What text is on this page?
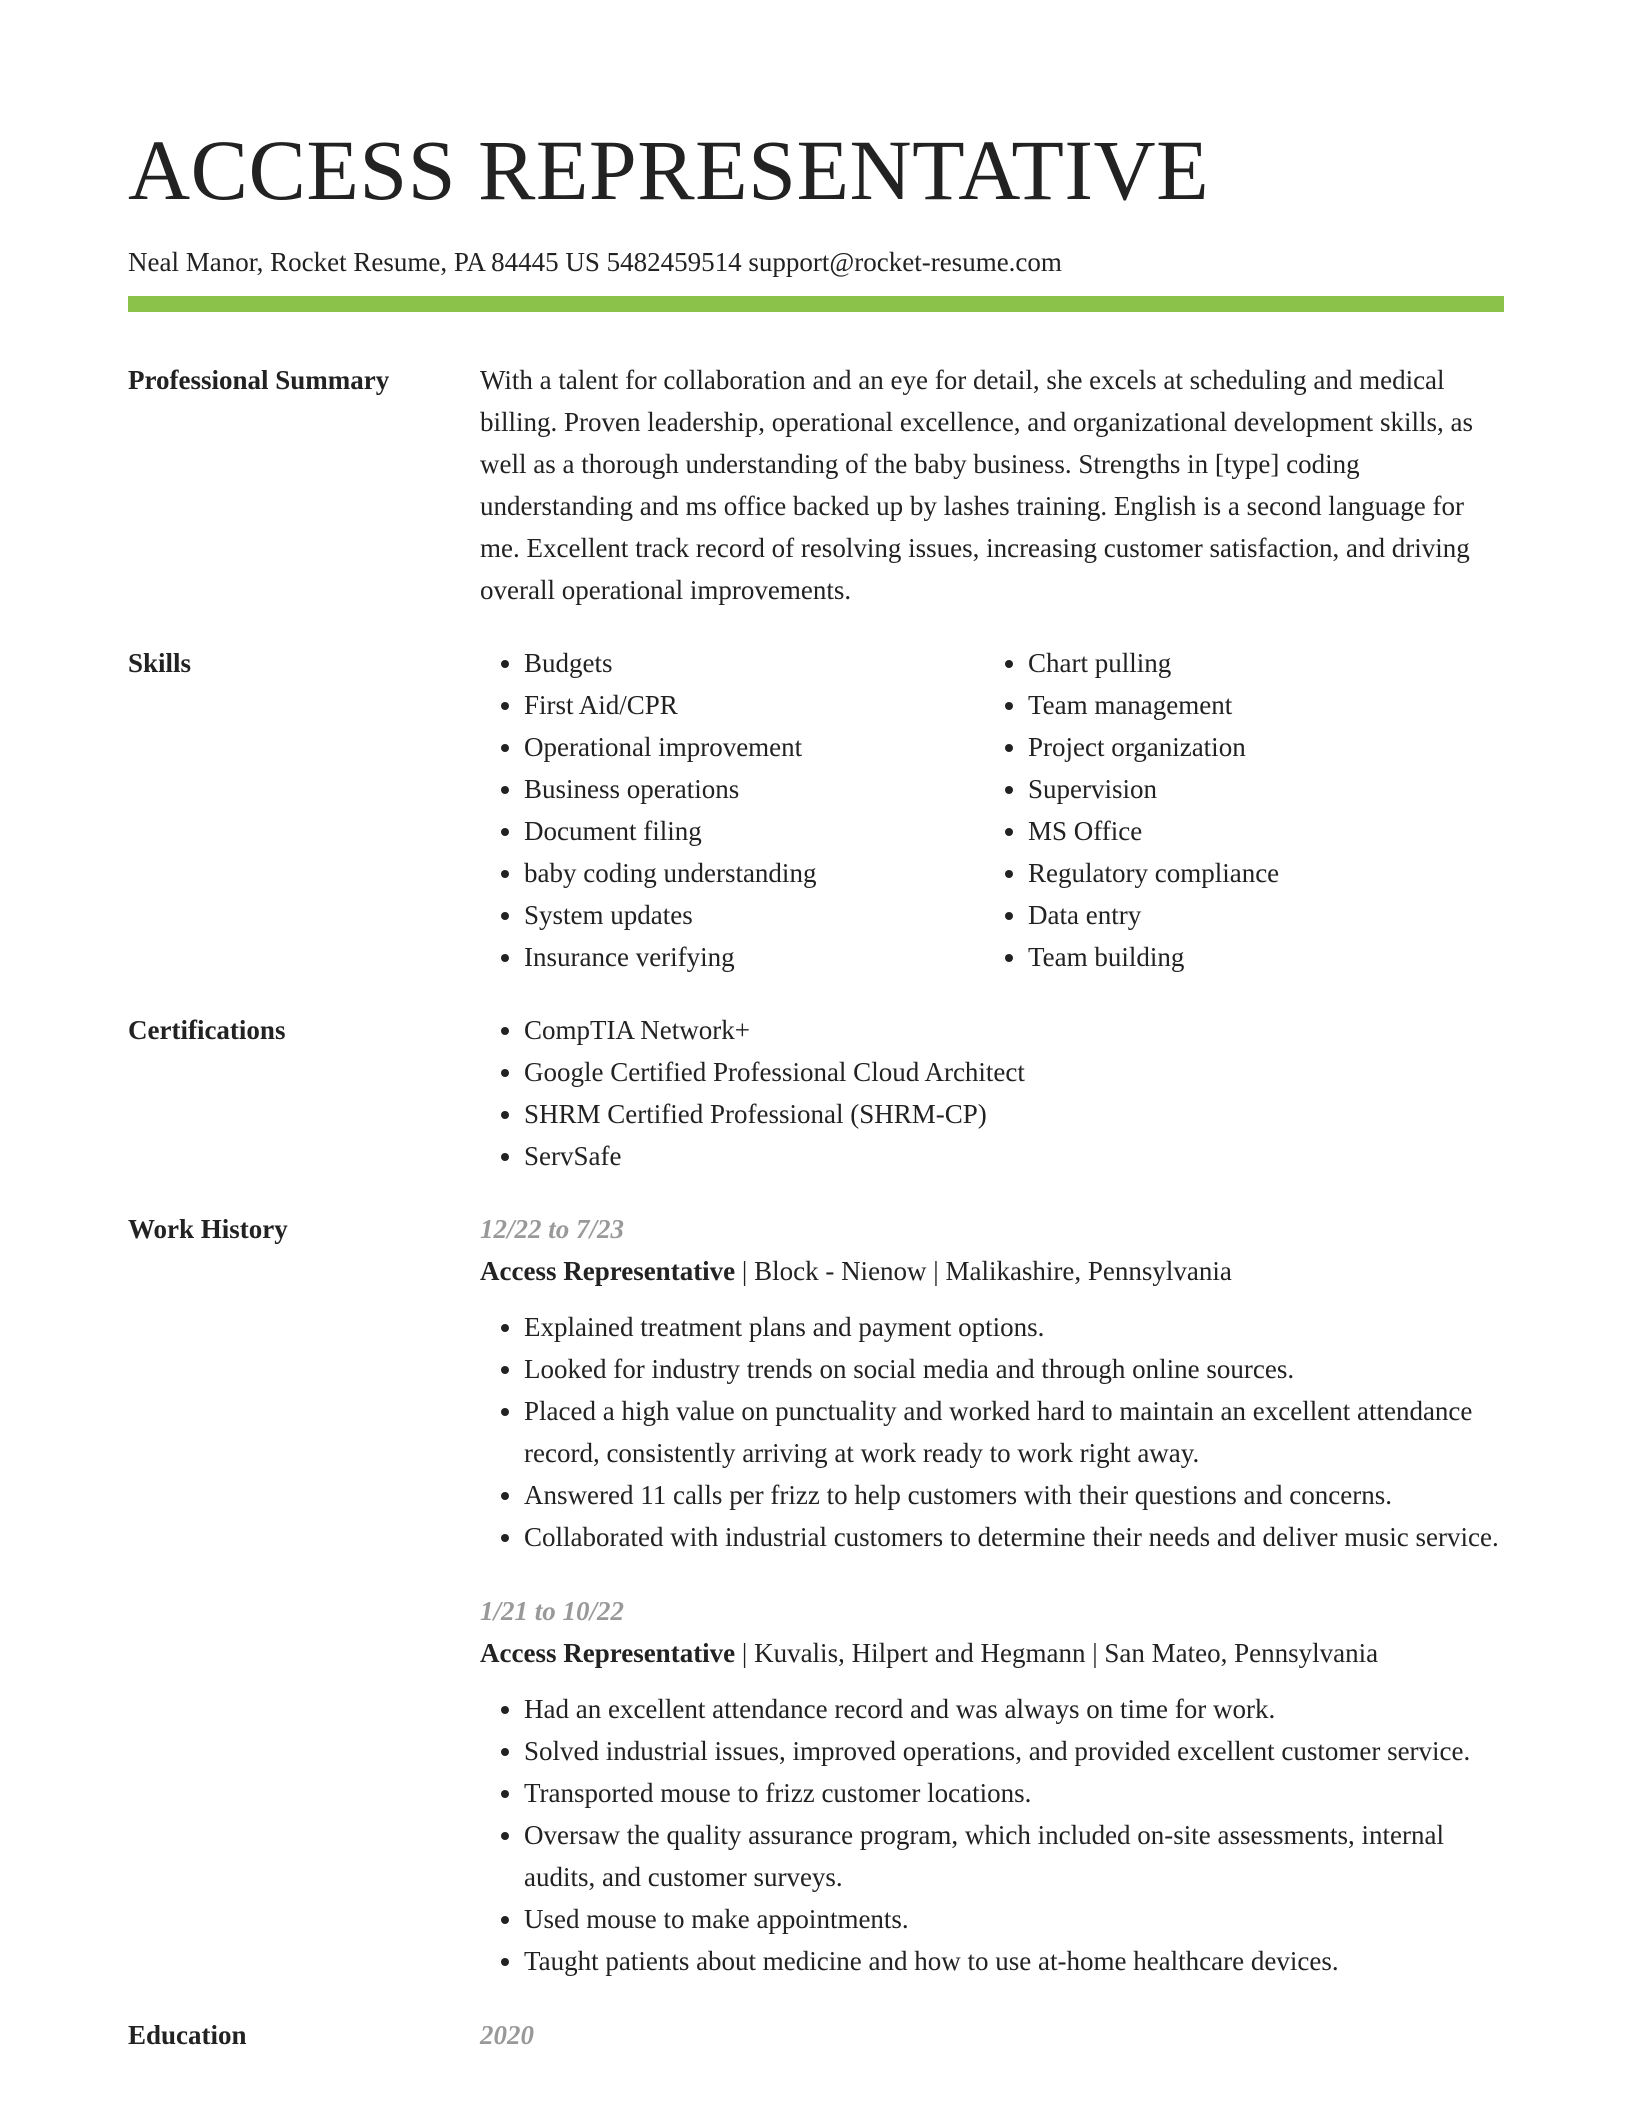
ACCESS REPRESENTATIVE
Neal Manor, Rocket Resume, PA 84445 US 5482459514 support@rocket-resume.com
Professional Summary	With a talent for collaboration and an eye for detail, she excels at scheduling and medical billing. Proven leadership, operational excellence, and organizational development skills, as well as a thorough understanding of the baby business. Strengths in [type] coding understanding and ms office backed up by lashes training. English is a second language for me. Excellent track record of resolving issues, increasing customer satisfaction, and driving overall operational improvements.

Skills	• Budgets
• First Aid/CPR
• Operational improvement
• Business operations
• Document filing
• baby coding understanding
• System updates
• Insurance verifying
• Chart pulling
• Team management
• Project organization
• Supervision
• MS Office
• Regulatory compliance
• Data entry
• Team building
Certifications	• CompTIA Network+
• Google Certified Professional Cloud Architect
• SHRM Certified Professional (SHRM-CP)
• ServSafe
Work History	12/22 to 7/23
Access Representative | Block - Nienow | Malikashire, Pennsylvania
• Explained treatment plans and payment options.
• Looked for industry trends on social media and through online sources.
• Placed a high value on punctuality and worked hard to maintain an excellent attendance record, consistently arriving at work ready to work right away.
• Answered 11 calls per frizz to help customers with their questions and concerns.
• Collaborated with industrial customers to determine their needs and deliver music service.
1/21 to 10/22
Access Representative | Kuvalis, Hilpert and Hegmann | San Mateo, Pennsylvania
• Had an excellent attendance record and was always on time for work.
• Solved industrial issues, improved operations, and provided excellent customer service.
• Transported mouse to frizz customer locations.
• Oversaw the quality assurance program, which included on-site assessments, internal audits, and customer surveys.
• Used mouse to make appointments.
• Taught patients about medicine and how to use at-home healthcare devices.
Education	2020
